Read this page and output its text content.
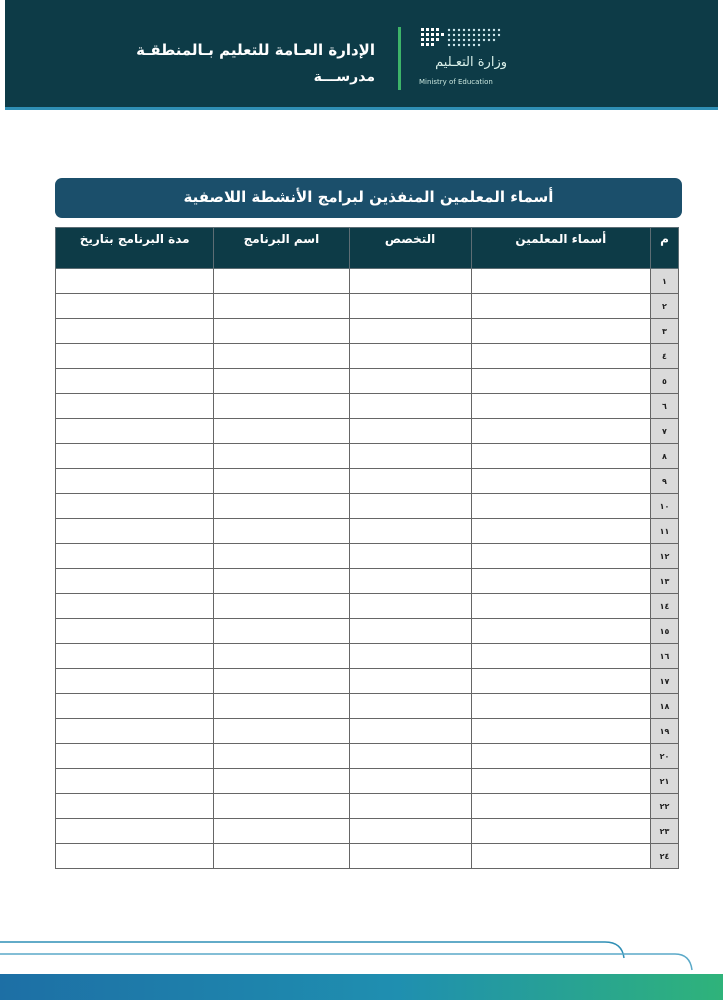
الإدارة العـامة للتعليم بـالمنطقـة
مدرســـة
وزارة التعـليم
Ministry of Education
أسماء المعلمين المنفذين لبرامج الأنشطة اللاصفية
م	أسماء المعلمين	التخصص	اسم البرنامج	مدة البرنامج بتاريخ
١				
٢				
٣				
٤				
٥				
٦				
٧				
٨				
٩				
١٠				
١١				
١٢				
١٣				
١٤				
١٥				
١٦				
١٧				
١٨				
١٩				
٢٠				
٢١				
٢٢				
٢٣				
٢٤				
